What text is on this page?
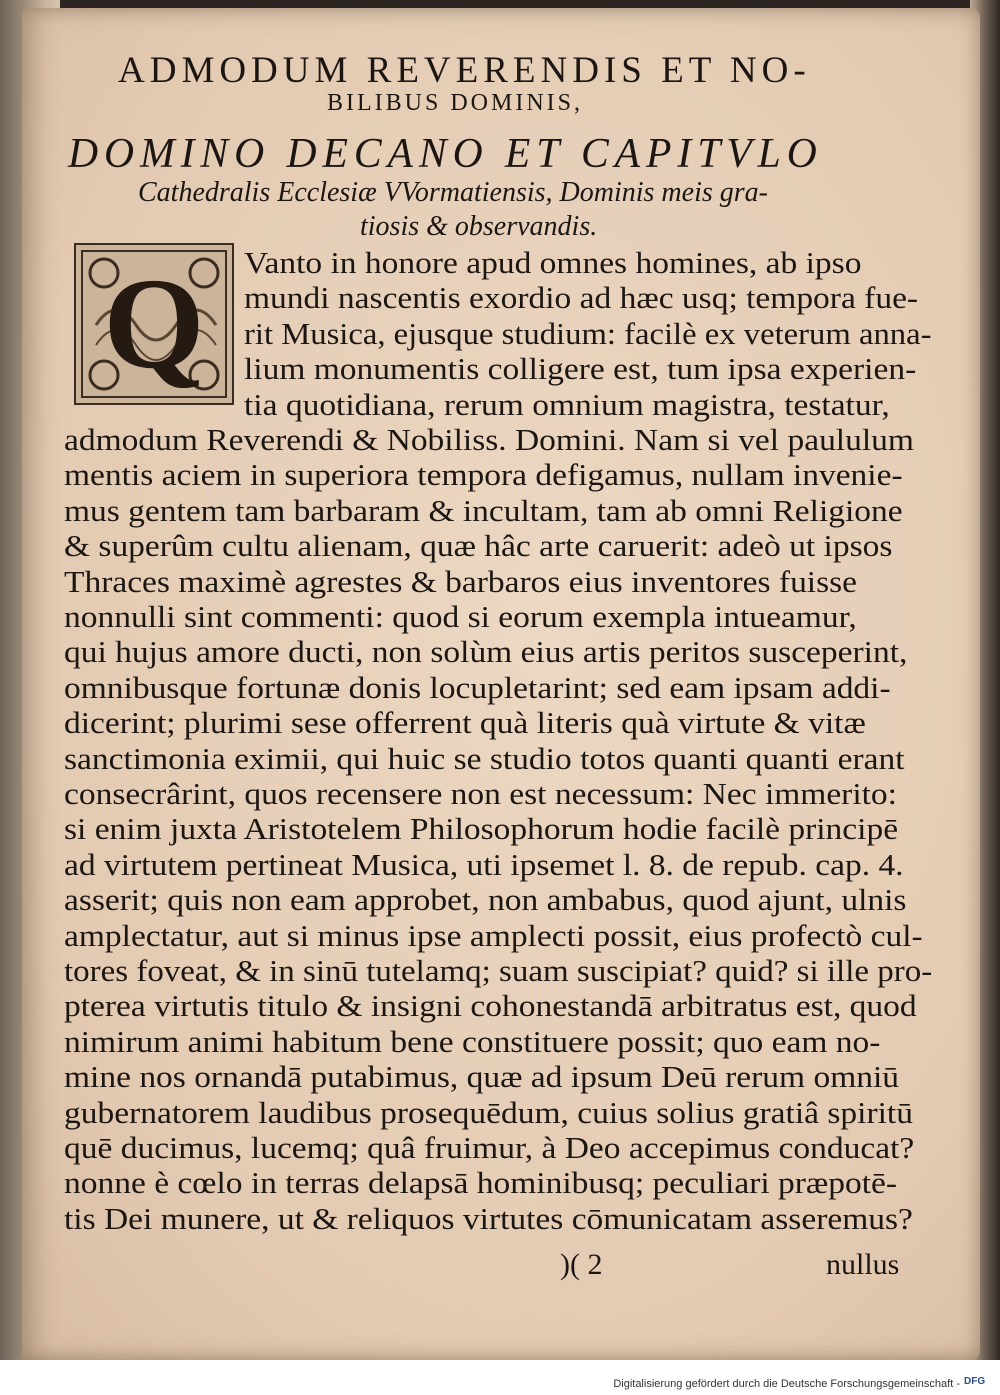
ADMODUM REVERENDIS ET NO-
BILIBUS DOMINIS,
DOMINO DECANO ET CAPITVLO
Cathedralis Ecclesiæ VVormatiensis, Dominis meis gra-
tiosis & observandis.
Q	Vanto in honore apud omnes homines, ab ipso
mundi nascentis exordio ad hæc usq; tempora fue-
rit Musica, ejusque studium: facilè ex veterum anna-
lium monumentis colligere est, tum ipsa experien-
tia quotidiana, rerum omnium magistra, testatur,
admodum Reverendi & Nobiliss. Domini. Nam si vel paululum
mentis aciem in superiora tempora defigamus, nullam invenie-
mus gentem tam barbaram & incultam, tam ab omni Religione
& superûm cultu alienam, quæ hâc arte caruerit: adeò ut ipsos
Thraces maximè agrestes & barbaros eius inventores fuisse
nonnulli sint commenti: quod si eorum exempla intueamur,
qui hujus amore ducti, non solùm eius artis peritos susceperint,
omnibusque fortunæ donis locupletarint; sed eam ipsam addi-
dicerint; plurimi sese offerrent quà literis quà virtute & vitæ
sanctimonia eximii, qui huic se studio totos quanti quanti erant
consecrârint, quos recensere non est necessum: Nec immerito:
si enim juxta Aristotelem Philosophorum hodie facilè principē
ad virtutem pertineat Musica, uti ipsemet l. 8. de repub. cap. 4.
asserit; quis non eam approbet, non ambabus, quod ajunt, ulnis
amplectatur, aut si minus ipse amplecti possit, eius profectò cul-
tores foveat, & in sinū tutelamq; suam suscipiat? quid? si ille pro-
pterea virtutis titulo & insigni cohonestandā arbitratus est, quod
nimirum animi habitum bene constituere possit; quo eam no-
mine nos ornandā putabimus, quæ ad ipsum Deū rerum omniū
gubernatorem laudibus prosequēdum, cuius solius gratiâ spiritū
quē ducimus, lucemq; quâ fruimur, à Deo accepimus conducat?
nonne è cœlo in terras delapsā hominibusq; peculiari præpotē-
tis Dei munere, ut & reliquos virtutes cōmunicatam asseremus?
)( 2	nullus
Digitalisierung gefördert durch die Deutsche Forschungsgemeinschaft - DFG
